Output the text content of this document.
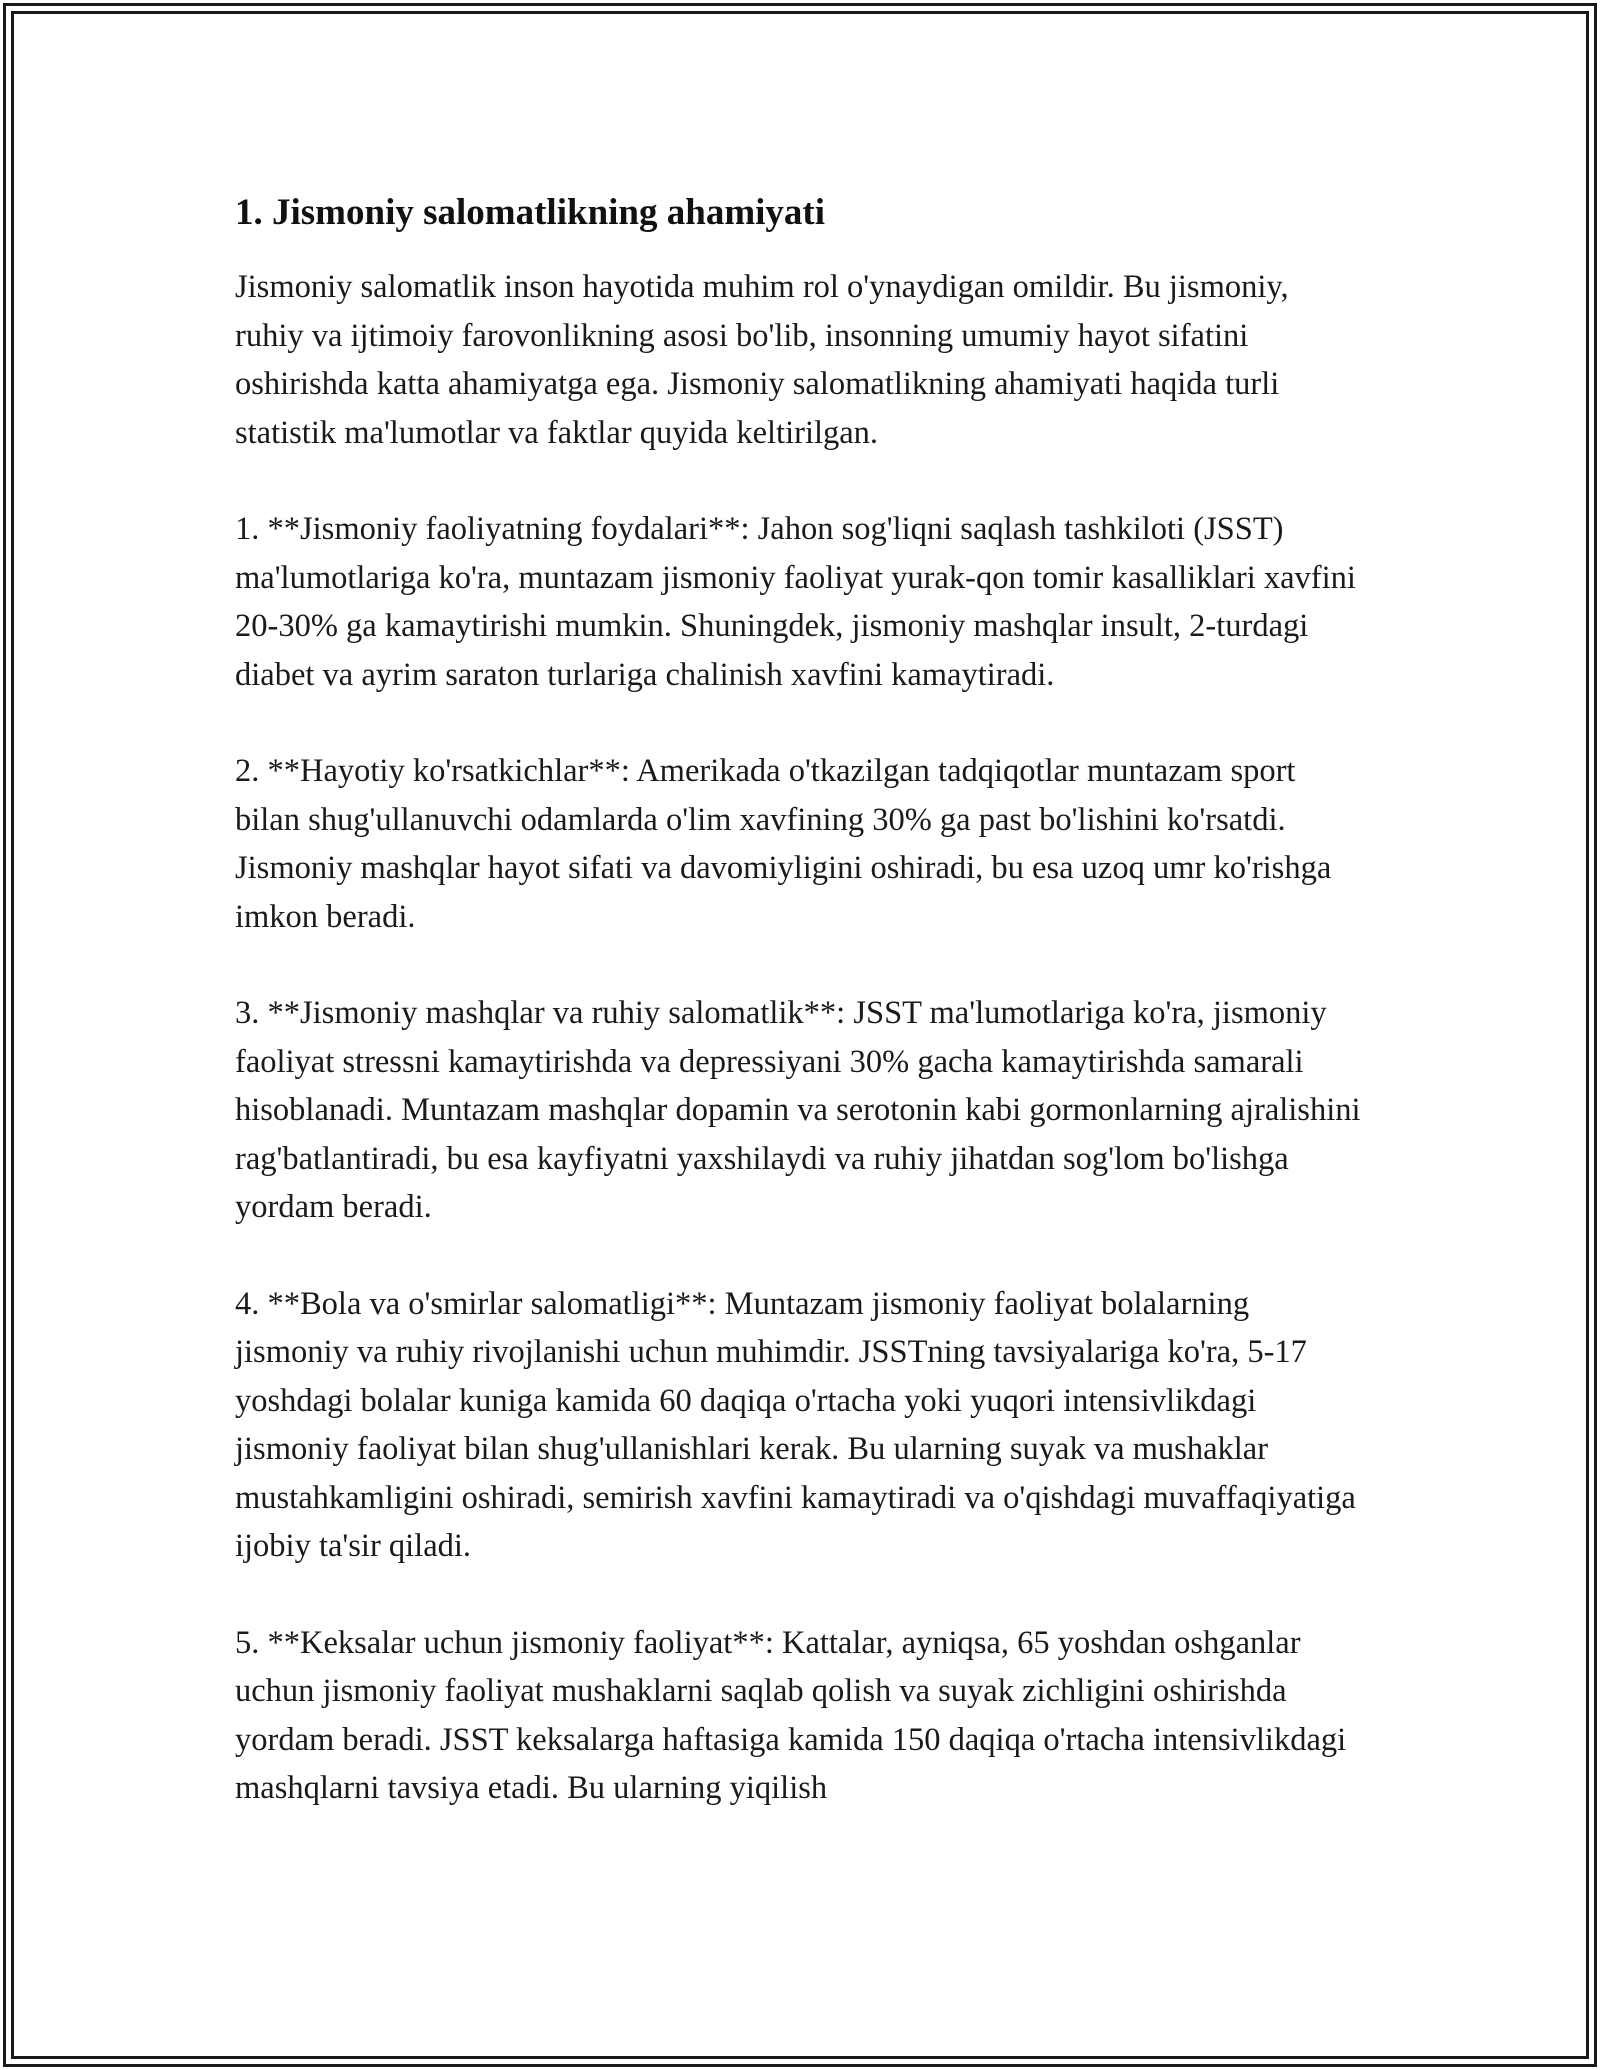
1. Jismoniy salomatlikning ahamiyati

Jismoniy salomatlik inson hayotida muhim rol o'ynaydigan omildir. Bu jismoniy, ruhiy va ijtimoiy farovonlikning asosi bo'lib, insonning umumiy hayot sifatini oshirishda katta ahamiyatga ega. Jismoniy salomatlikning ahamiyati haqida turli statistik ma'lumotlar va faktlar quyida keltirilgan.

1. **Jismoniy faoliyatning foydalari**: Jahon sog'liqni saqlash tashkiloti (JSST) ma'lumotlariga ko'ra, muntazam jismoniy faoliyat yurak-qon tomir kasalliklari xavfini 20-30% ga kamaytirishi mumkin. Shuningdek, jismoniy mashqlar insult, 2-turdagi diabet va ayrim saraton turlariga chalinish xavfini kamaytiradi.

2. **Hayotiy ko'rsatkichlar**: Amerikada o'tkazilgan tadqiqotlar muntazam sport bilan shug'ullanuvchi odamlarda o'lim xavfining 30% ga past bo'lishini ko'rsatdi. Jismoniy mashqlar hayot sifati va davomiyligini oshiradi, bu esa uzoq umr ko'rishga imkon beradi.

3. **Jismoniy mashqlar va ruhiy salomatlik**: JSST ma'lumotlariga ko'ra, jismoniy faoliyat stressni kamaytirishda va depressiyani 30% gacha kamaytirishda samarali hisoblanadi. Muntazam mashqlar dopamin va serotonin kabi gormonlarning ajralishini rag'batlantiradi, bu esa kayfiyatni yaxshilaydi va ruhiy jihatdan sog'lom bo'lishga yordam beradi.

4. **Bola va o'smirlar salomatligi**: Muntazam jismoniy faoliyat bolalarning jismoniy va ruhiy rivojlanishi uchun muhimdir. JSSTning tavsiyalariga ko'ra, 5-17 yoshdagi bolalar kuniga kamida 60 daqiqa o'rtacha yoki yuqori intensivlikdagi jismoniy faoliyat bilan shug'ullanishlari kerak. Bu ularning suyak va mushaklar mustahkamligini oshiradi, semirish xavfini kamaytiradi va o'qishdagi muvaffaqiyatiga ijobiy ta'sir qiladi.

5. **Keksalar uchun jismoniy faoliyat**: Kattalar, ayniqsa, 65 yoshdan oshganlar uchun jismoniy faoliyat mushaklarni saqlab qolish va suyak zichligini oshirishda yordam beradi. JSST keksalarga haftasiga kamida 150 daqiqa o'rtacha intensivlikdagi mashqlarni tavsiya etadi. Bu ularning yiqilish
